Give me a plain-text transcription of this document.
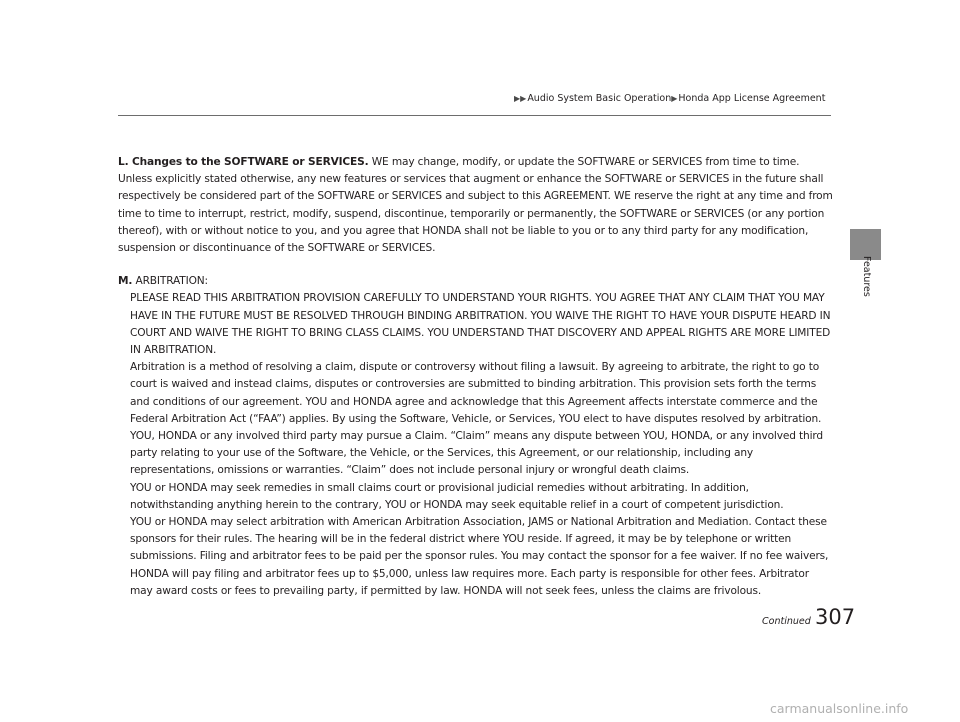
▶▶Audio System Basic Operation▶Honda App License Agreement
Features

L. Changes to the SOFTWARE or SERVICES. WE may change, modify, or update the SOFTWARE or SERVICES from time to time. Unless explicitly stated otherwise, any new features or services that augment or enhance the SOFTWARE or SERVICES in the future shall respectively be considered part of the SOFTWARE or SERVICES and subject to this AGREEMENT. WE reserve the right at any time and from time to time to interrupt, restrict, modify, suspend, discontinue, temporarily or permanently, the SOFTWARE or SERVICES (or any portion thereof), with or without notice to you, and you agree that HONDA shall not be liable to you or to any third party for any modification, suspension or discontinuance of the SOFTWARE or SERVICES.

M. ARBITRATION:

PLEASE READ THIS ARBITRATION PROVISION CAREFULLY TO UNDERSTAND YOUR RIGHTS. YOU AGREE THAT ANY CLAIM THAT YOU MAY HAVE IN THE FUTURE MUST BE RESOLVED THROUGH BINDING ARBITRATION. YOU WAIVE THE RIGHT TO HAVE YOUR DISPUTE HEARD IN COURT AND WAIVE THE RIGHT TO BRING CLASS CLAIMS. YOU UNDERSTAND THAT DISCOVERY AND APPEAL RIGHTS ARE MORE LIMITED IN ARBITRATION.

Arbitration is a method of resolving a claim, dispute or controversy without filing a lawsuit. By agreeing to arbitrate, the right to go to court is waived and instead claims, disputes or controversies are submitted to binding arbitration. This provision sets forth the terms and conditions of our agreement. YOU and HONDA agree and acknowledge that this Agreement affects interstate commerce and the Federal Arbitration Act (“FAA”) applies. By using the Software, Vehicle, or Services, YOU elect to have disputes resolved by arbitration. YOU, HONDA or any involved third party may pursue a Claim. “Claim” means any dispute between YOU, HONDA, or any involved third party relating to your use of the Software, the Vehicle, or the Services, this Agreement, or our relationship, including any representations, omissions or warranties. “Claim” does not include personal injury or wrongful death claims.

YOU or HONDA may seek remedies in small claims court or provisional judicial remedies without arbitrating. In addition, notwithstanding anything herein to the contrary, YOU or HONDA may seek equitable relief in a court of competent jurisdiction.

YOU or HONDA may select arbitration with American Arbitration Association, JAMS or National Arbitration and Mediation. Contact these sponsors for their rules. The hearing will be in the federal district where YOU reside. If agreed, it may be by telephone or written submissions. Filing and arbitrator fees to be paid per the sponsor rules. You may contact the sponsor for a fee waiver. If no fee waivers, HONDA will pay filing and arbitrator fees up to $5,000, unless law requires more. Each party is responsible for other fees. Arbitrator may award costs or fees to prevailing party, if permitted by law. HONDA will not seek fees, unless the claims are frivolous.

Continued 307
carmanualsonline.info
